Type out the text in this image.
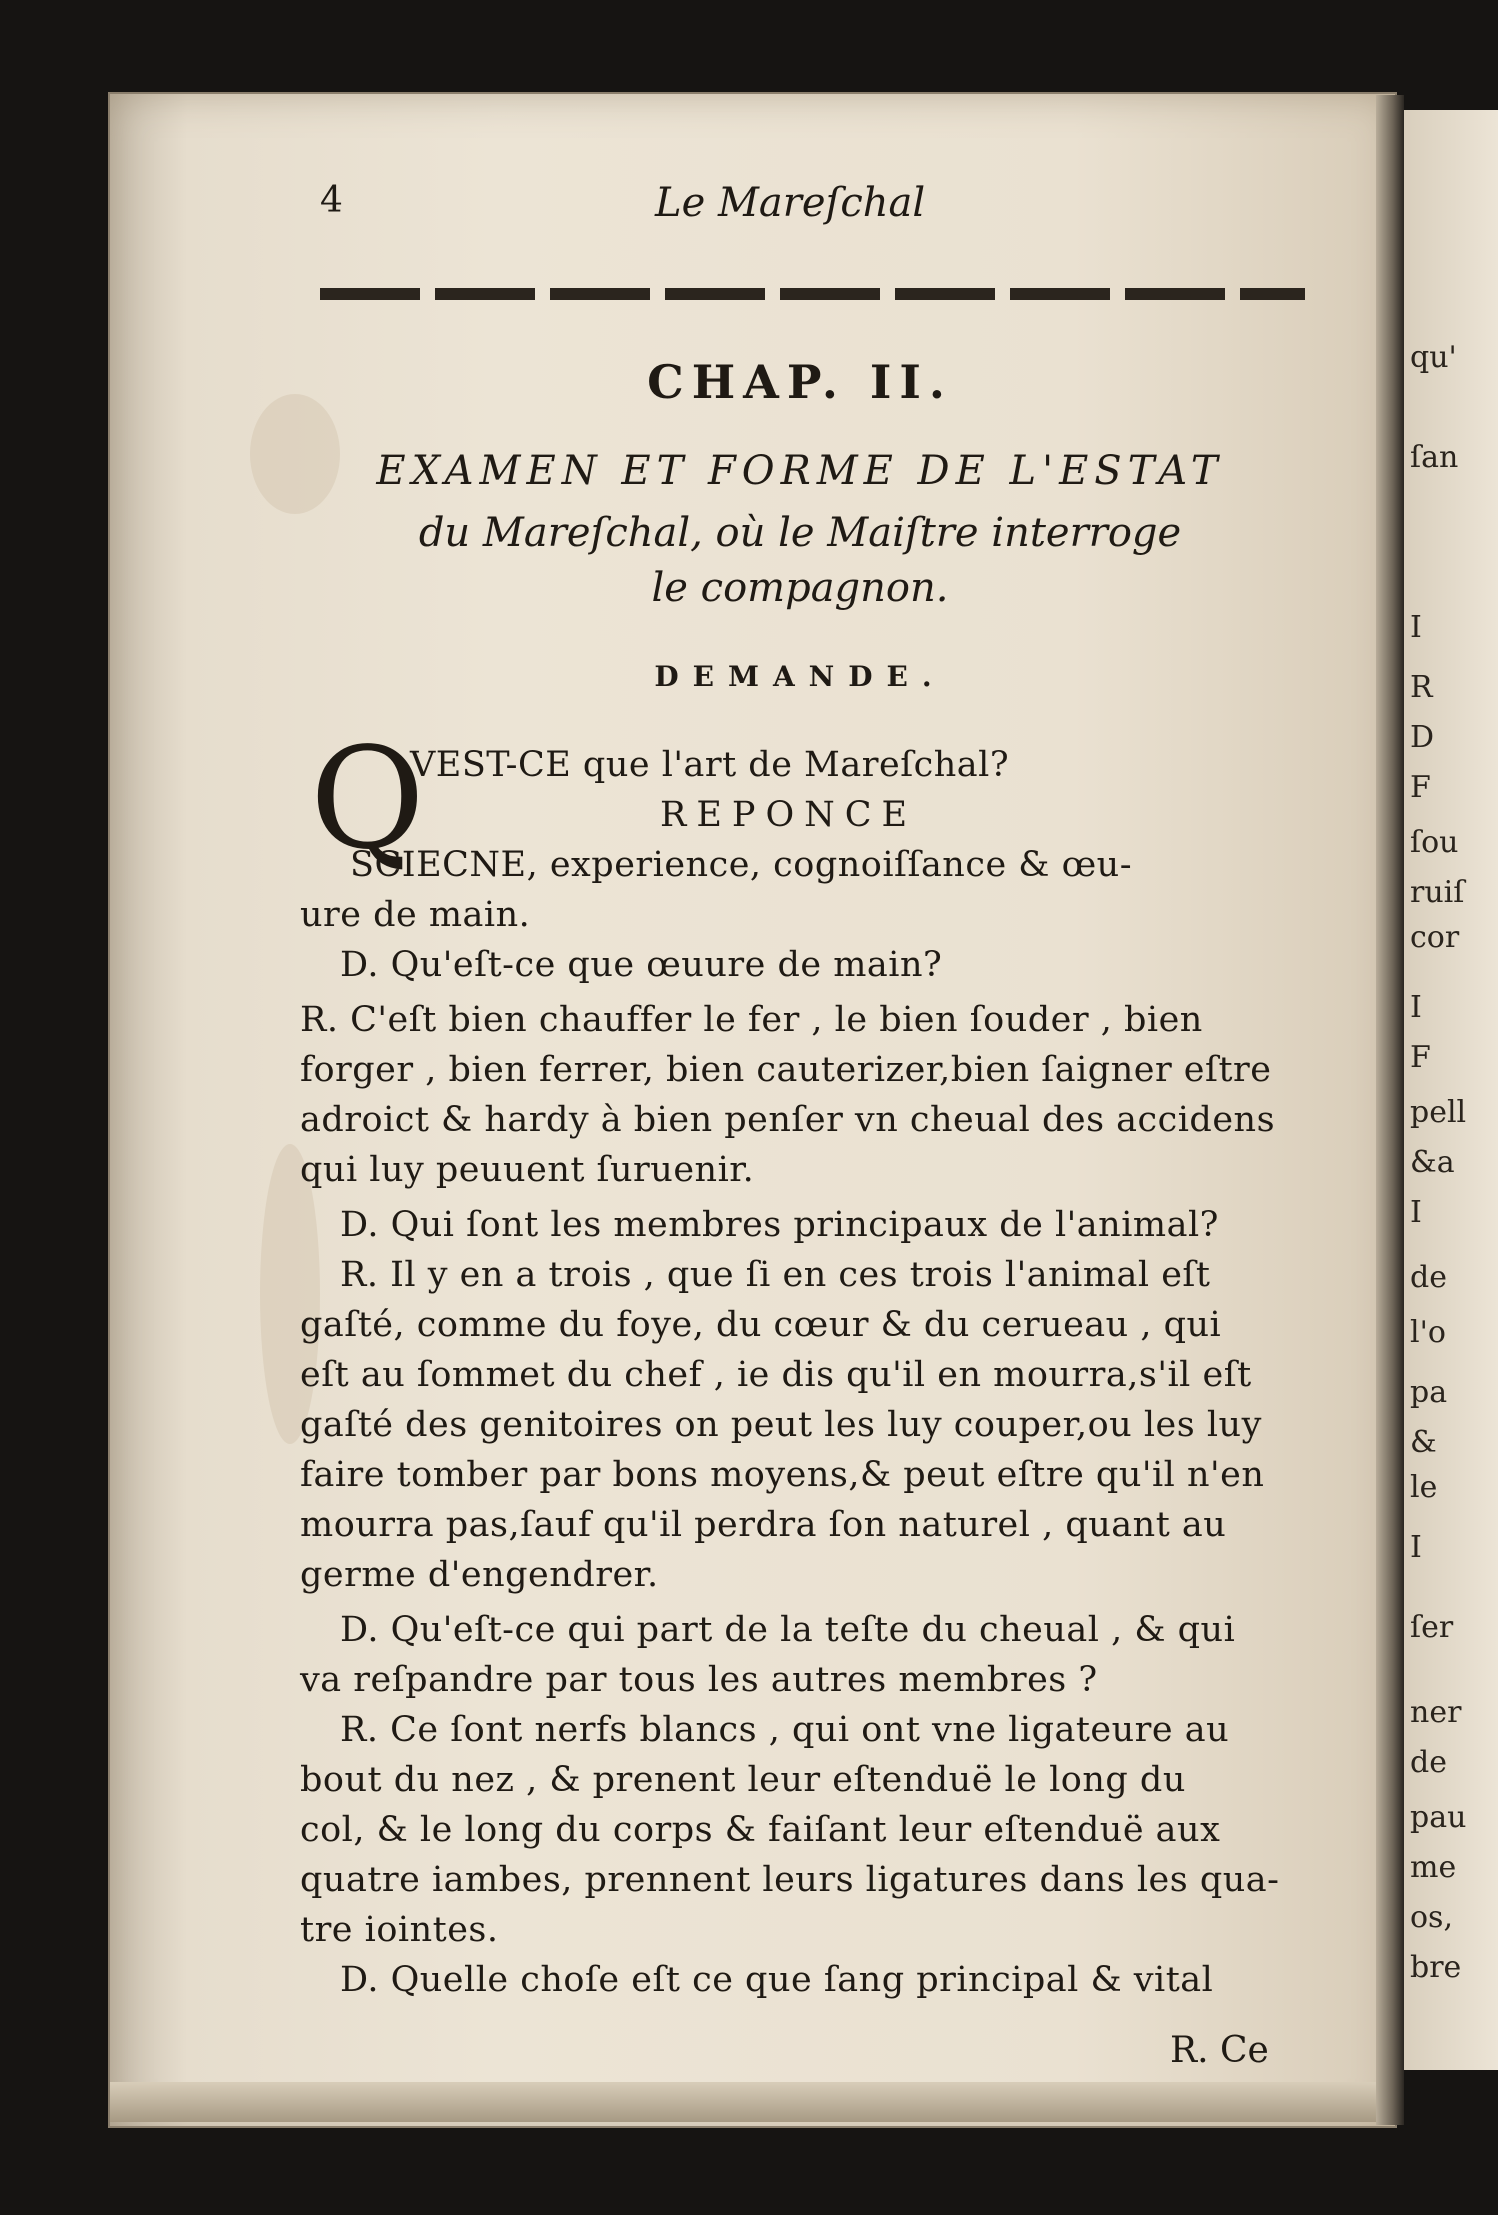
qu'
ſan
I
R
D
F
ſou
ruiſ
cor
I
F
pell
&a
I
de
l'o
pa
&
le
I
ſer
ner
de
pau
me
os,
bre
4	Le Mareſchal
CHAP. II.
EXAMEN ET FORME DE L'ESTAT
du Mareſchal, où le Maiſtre interroge
le compagnon.
DEMANDE.
Q
VEST-CE que l'art de Mareſchal?
REPONCE
SCIECNE, experience, cognoiſſance & œu-
ure de main.
D. Qu'eſt-ce que œuure de main?
R. C'eſt bien chauffer le fer , le bien ſouder , bien
forger , bien ferrer, bien cauterizer,bien ſaigner eſtre
adroict & hardy à bien penſer vn cheual des accidens
qui luy peuuent ſuruenir.
D. Qui ſont les membres principaux de l'animal?
R. Il y en a trois , que ſi en ces trois l'animal eſt
gaſté, comme du foye, du cœur & du cerueau , qui
eſt au ſommet du chef , ie dis qu'il en mourra,s'il eſt
gaſté des genitoires on peut les luy couper,ou les luy
faire tomber par bons moyens,& peut eſtre qu'il n'en
mourra pas,ſauf qu'il perdra ſon naturel , quant au
germe d'engendrer.
D. Qu'eſt-ce qui part de la teſte du cheual , & qui
va reſpandre par tous les autres membres ?
R. Ce ſont nerfs blancs , qui ont vne ligateure au
bout du nez , & prenent leur eſtenduë le long du
col, & le long du corps & faiſant leur eſtenduë aux
quatre iambes, prennent leurs ligatures dans les qua-
tre iointes.
D. Quelle choſe eſt ce que ſang principal & vital
R. Ce
